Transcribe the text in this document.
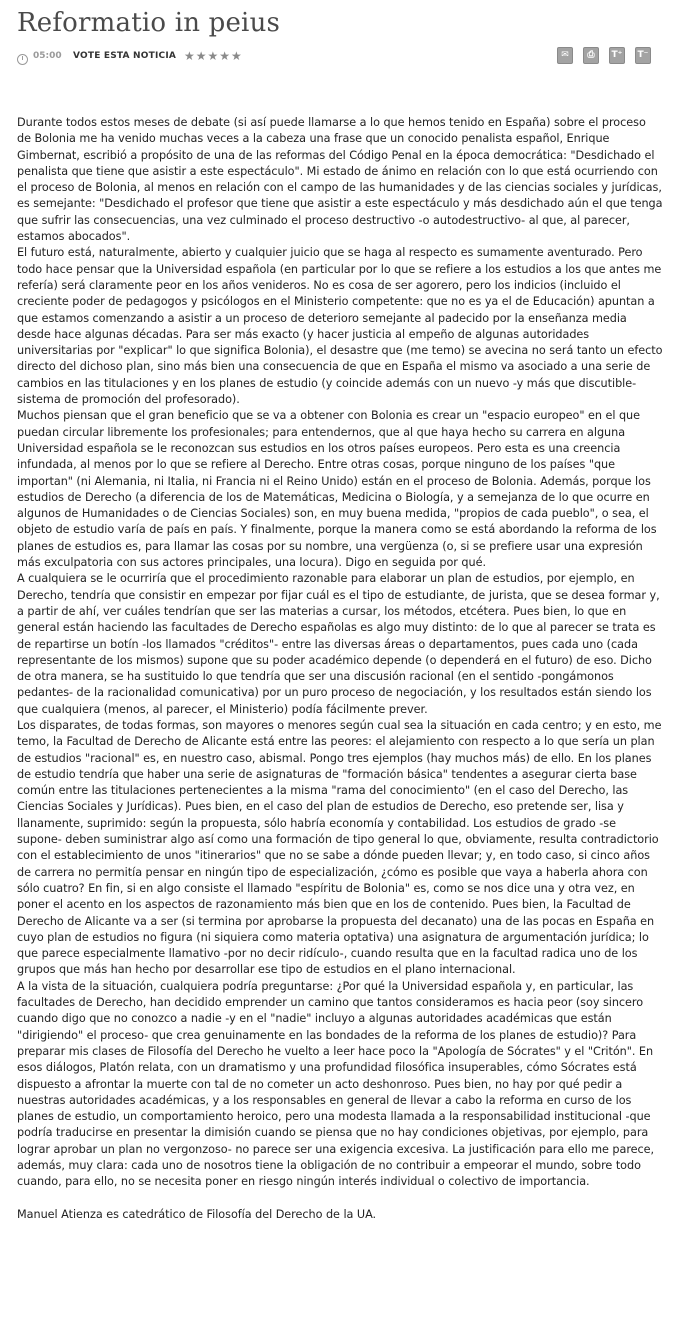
Reformatio in peius
05:00 VOTE ESTA NOTICIA ★★★★★	✉ ⎙ T⁺ T⁻

Durante todos estos meses de debate (si así puede llamarse a lo que hemos tenido en España) sobre el proceso de Bolonia me ha venido muchas veces a la cabeza una frase que un conocido penalista español, Enrique Gimbernat, escribió a propósito de una de las reformas del Código Penal en la época democrática: "Desdichado el penalista que tiene que asistir a este espectáculo". Mi estado de ánimo en relación con lo que está ocurriendo con el proceso de Bolonia, al menos en relación con el campo de las humanidades y de las ciencias sociales y jurídicas, es semejante: "Desdichado el profesor que tiene que asistir a este espectáculo y más desdichado aún el que tenga que sufrir las consecuencias, una vez culminado el proceso destructivo -o autodestructivo- al que, al parecer, estamos abocados".

El futuro está, naturalmente, abierto y cualquier juicio que se haga al respecto es sumamente aventurado. Pero todo hace pensar que la Universidad española (en particular por lo que se refiere a los estudios a los que antes me refería) será claramente peor en los años venideros. No es cosa de ser agorero, pero los indicios (incluido el creciente poder de pedagogos y psicólogos en el Ministerio competente: que no es ya el de Educación) apuntan a que estamos comenzando a asistir a un proceso de deterioro semejante al padecido por la enseñanza media desde hace algunas décadas. Para ser más exacto (y hacer justicia al empeño de algunas autoridades universitarias por "explicar" lo que significa Bolonia), el desastre que (me temo) se avecina no será tanto un efecto directo del dichoso plan, sino más bien una consecuencia de que en España el mismo va asociado a una serie de cambios en las titulaciones y en los planes de estudio (y coincide además con un nuevo -y más que discutible- sistema de promoción del profesorado).

Muchos piensan que el gran beneficio que se va a obtener con Bolonia es crear un "espacio europeo" en el que puedan circular libremente los profesionales; para entendernos, que al que haya hecho su carrera en alguna Universidad española se le reconozcan sus estudios en los otros países europeos. Pero esta es una creencia infundada, al menos por lo que se refiere al Derecho. Entre otras cosas, porque ninguno de los países "que importan" (ni Alemania, ni Italia, ni Francia ni el Reino Unido) están en el proceso de Bolonia. Además, porque los estudios de Derecho (a diferencia de los de Matemáticas, Medicina o Biología, y a semejanza de lo que ocurre en algunos de Humanidades o de Ciencias Sociales) son, en muy buena medida, "propios de cada pueblo", o sea, el objeto de estudio varía de país en país. Y finalmente, porque la manera como se está abordando la reforma de los planes de estudios es, para llamar las cosas por su nombre, una vergüenza (o, si se prefiere usar una expresión más exculpatoria con sus actores principales, una locura). Digo en seguida por qué.

A cualquiera se le ocurriría que el procedimiento razonable para elaborar un plan de estudios, por ejemplo, en Derecho, tendría que consistir en empezar por fijar cuál es el tipo de estudiante, de jurista, que se desea formar y, a partir de ahí, ver cuáles tendrían que ser las materias a cursar, los métodos, etcétera. Pues bien, lo que en general están haciendo las facultades de Derecho españolas es algo muy distinto: de lo que al parecer se trata es de repartirse un botín -los llamados "créditos"- entre las diversas áreas o departamentos, pues cada uno (cada representante de los mismos) supone que su poder académico depende (o dependerá en el futuro) de eso. Dicho de otra manera, se ha sustituido lo que tendría que ser una discusión racional (en el sentido -pongámonos pedantes- de la racionalidad comunicativa) por un puro proceso de negociación, y los resultados están siendo los que cualquiera (menos, al parecer, el Ministerio) podía fácilmente prever.

Los disparates, de todas formas, son mayores o menores según cual sea la situación en cada centro; y en esto, me temo, la Facultad de Derecho de Alicante está entre las peores: el alejamiento con respecto a lo que sería un plan de estudios "racional" es, en nuestro caso, abismal. Pongo tres ejemplos (hay muchos más) de ello. En los planes de estudio tendría que haber una serie de asignaturas de "formación básica" tendentes a asegurar cierta base común entre las titulaciones pertenecientes a la misma "rama del conocimiento" (en el caso del Derecho, las Ciencias Sociales y Jurídicas). Pues bien, en el caso del plan de estudios de Derecho, eso pretende ser, lisa y llanamente, suprimido: según la propuesta, sólo habría economía y contabilidad. Los estudios de grado -se supone- deben suministrar algo así como una formación de tipo general lo que, obviamente, resulta contradictorio con el establecimiento de unos "itinerarios" que no se sabe a dónde pueden llevar; y, en todo caso, si cinco años de carrera no permitía pensar en ningún tipo de especialización, ¿cómo es posible que vaya a haberla ahora con sólo cuatro? En fin, si en algo consiste el llamado "espíritu de Bolonia" es, como se nos dice una y otra vez, en poner el acento en los aspectos de razonamiento más bien que en los de contenido. Pues bien, la Facultad de Derecho de Alicante va a ser (si termina por aprobarse la propuesta del decanato) una de las pocas en España en cuyo plan de estudios no figura (ni siquiera como materia optativa) una asignatura de argumentación jurídica; lo que parece especialmente llamativo -por no decir ridículo-, cuando resulta que en la facultad radica uno de los grupos que más han hecho por desarrollar ese tipo de estudios en el plano internacional.

A la vista de la situación, cualquiera podría preguntarse: ¿Por qué la Universidad española y, en particular, las facultades de Derecho, han decidido emprender un camino que tantos consideramos es hacia peor (soy sincero cuando digo que no conozco a nadie -y en el "nadie" incluyo a algunas autoridades académicas que están "dirigiendo" el proceso- que crea genuinamente en las bondades de la reforma de los planes de estudio)? Para preparar mis clases de Filosofía del Derecho he vuelto a leer hace poco la "Apología de Sócrates" y el "Critón". En esos diálogos, Platón relata, con un dramatismo y una profundidad filosófica insuperables, cómo Sócrates está dispuesto a afrontar la muerte con tal de no cometer un acto deshonroso. Pues bien, no hay por qué pedir a nuestras autoridades académicas, y a los responsables en general de llevar a cabo la reforma en curso de los planes de estudio, un comportamiento heroico, pero una modesta llamada a la responsabilidad institucional -que podría traducirse en presentar la dimisión cuando se piensa que no hay condiciones objetivas, por ejemplo, para lograr aprobar un plan no vergonzoso- no parece ser una exigencia excesiva. La justificación para ello me parece, además, muy clara: cada uno de nosotros tiene la obligación de no contribuir a empeorar el mundo, sobre todo cuando, para ello, no se necesita poner en riesgo ningún interés individual o colectivo de importancia.

Manuel Atienza es catedrático de Filosofía del Derecho de la UA.
